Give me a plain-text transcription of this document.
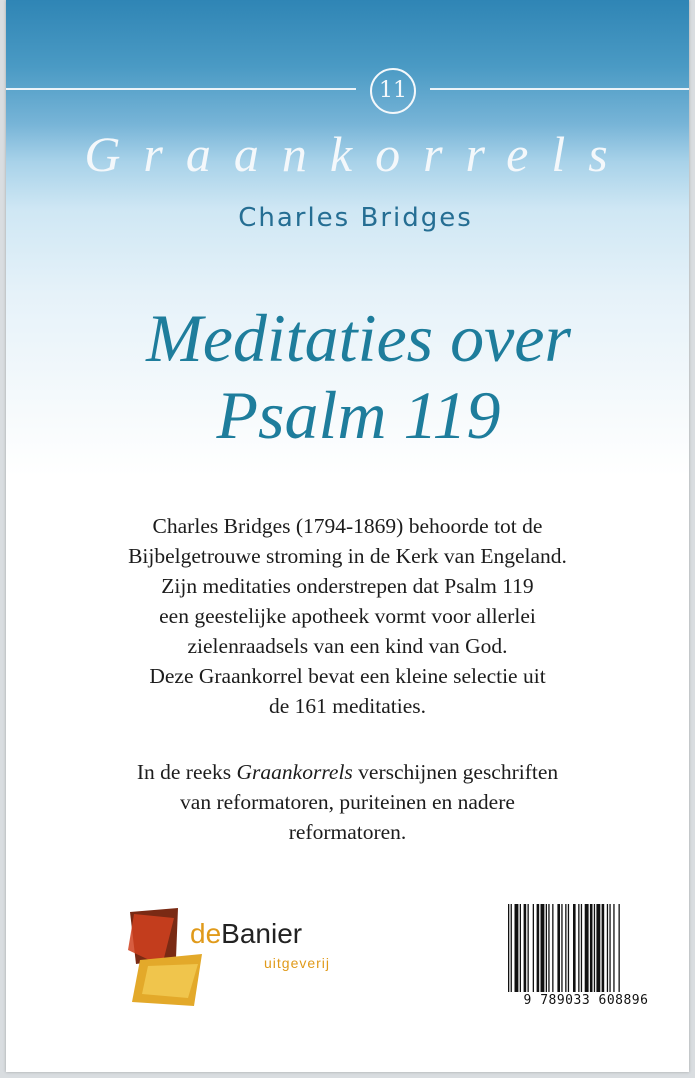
11
Graankorrels
Charles Bridges
Meditaties over
Psalm 119
Charles Bridges (1794-1869) behoorde tot de
Bijbelgetrouwe stroming in de Kerk van Engeland.
Zijn meditaties onderstrepen dat Psalm 119
een geestelijke apotheek vormt voor allerlei
zielenraadsels van een kind van God.
Deze Graankorrel bevat een kleine selectie uit
de 161 meditaties.
In de reeks Graankorrels verschijnen geschriften
van reformatoren, puriteinen en nadere
reformatoren.
deBanier
uitgeverij
9 789033 608896
